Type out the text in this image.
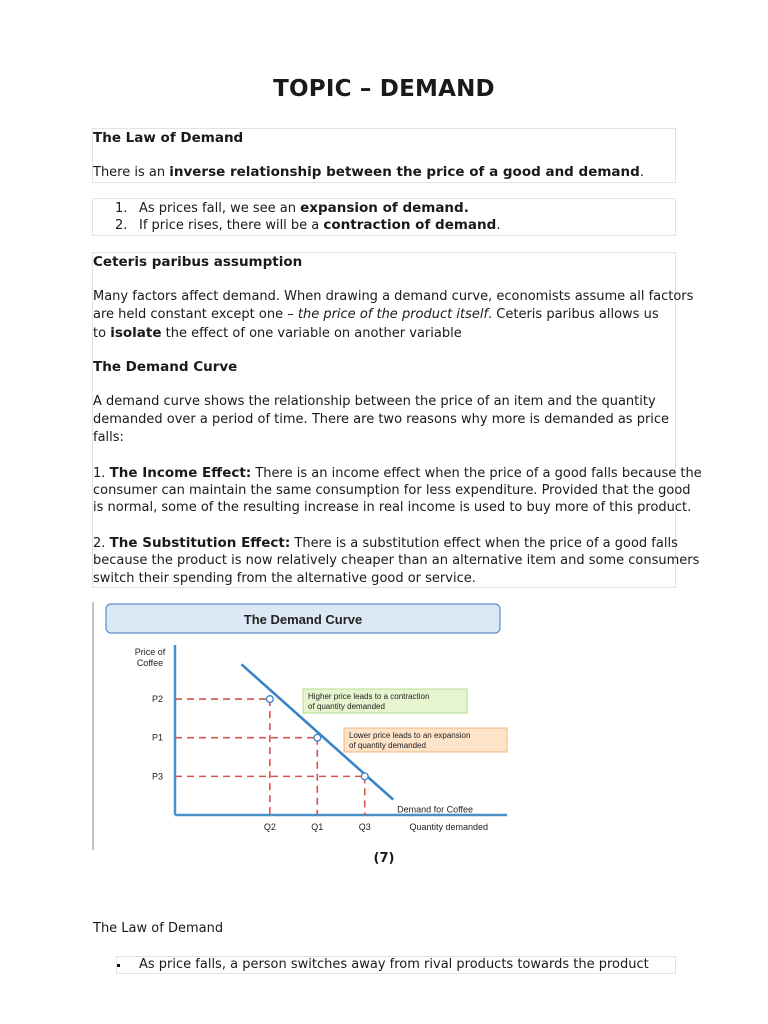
TOPIC – DEMAND
The Law of Demand
There is an inverse relationship between the price of a good and demand.
1. As prices fall, we see an expansion of demand.
2. If price rises, there will be a contraction of demand.
Ceteris paribus assumption
Many factors affect demand. When drawing a demand curve, economists assume all factors
are held constant except one – the price of the product itself. Ceteris paribus allows us
to isolate the effect of one variable on another variable
The Demand Curve
A demand curve shows the relationship between the price of an item and the quantity
demanded over a period of time. There are two reasons why more is demanded as price
falls:
1. The Income Effect: There is an income effect when the price of a good falls because the
consumer can maintain the same consumption for less expenditure. Provided that the good
is normal, some of the resulting increase in real income is used to buy more of this product.
2. The Substitution Effect: There is a substitution effect when the price of a good falls
because the product is now relatively cheaper than an alternative item and some consumers
switch their spending from the alternative good or service.
The Demand Curve
Price of
Coffee
P2
Q2
P1
Q1
P3
Q3
Demand for Coffee
Quantity demanded
Higher price leads to a contraction
of quantity demanded
Lower price leads to an expansion
of quantity demanded
(7)
The Law of Demand
As price falls, a person switches away from rival products towards the product
